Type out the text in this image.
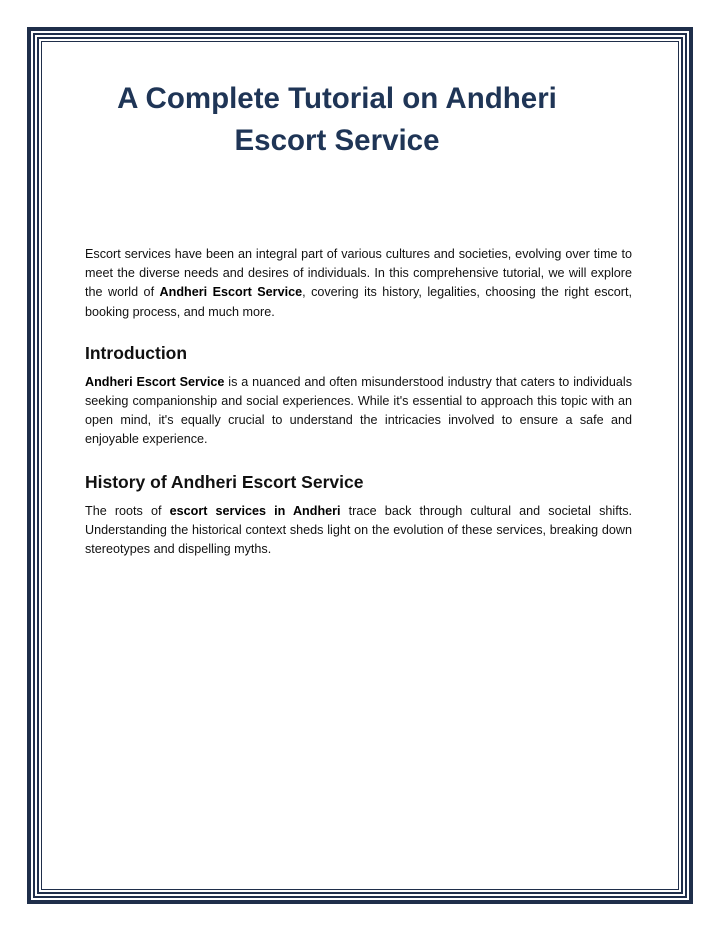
A Complete Tutorial on Andheri Escort Service

Escort services have been an integral part of various cultures and societies, evolving over time to meet the diverse needs and desires of individuals. In this comprehensive tutorial, we will explore the world of Andheri Escort Service, covering its history, legalities, choosing the right escort, booking process, and much more.

Introduction

Andheri Escort Service is a nuanced and often misunderstood industry that caters to individuals seeking companionship and social experiences. While it's essential to approach this topic with an open mind, it's equally crucial to understand the intricacies involved to ensure a safe and enjoyable experience.

History of Andheri Escort Service

The roots of escort services in Andheri trace back through cultural and societal shifts. Understanding the historical context sheds light on the evolution of these services, breaking down stereotypes and dispelling myths.
